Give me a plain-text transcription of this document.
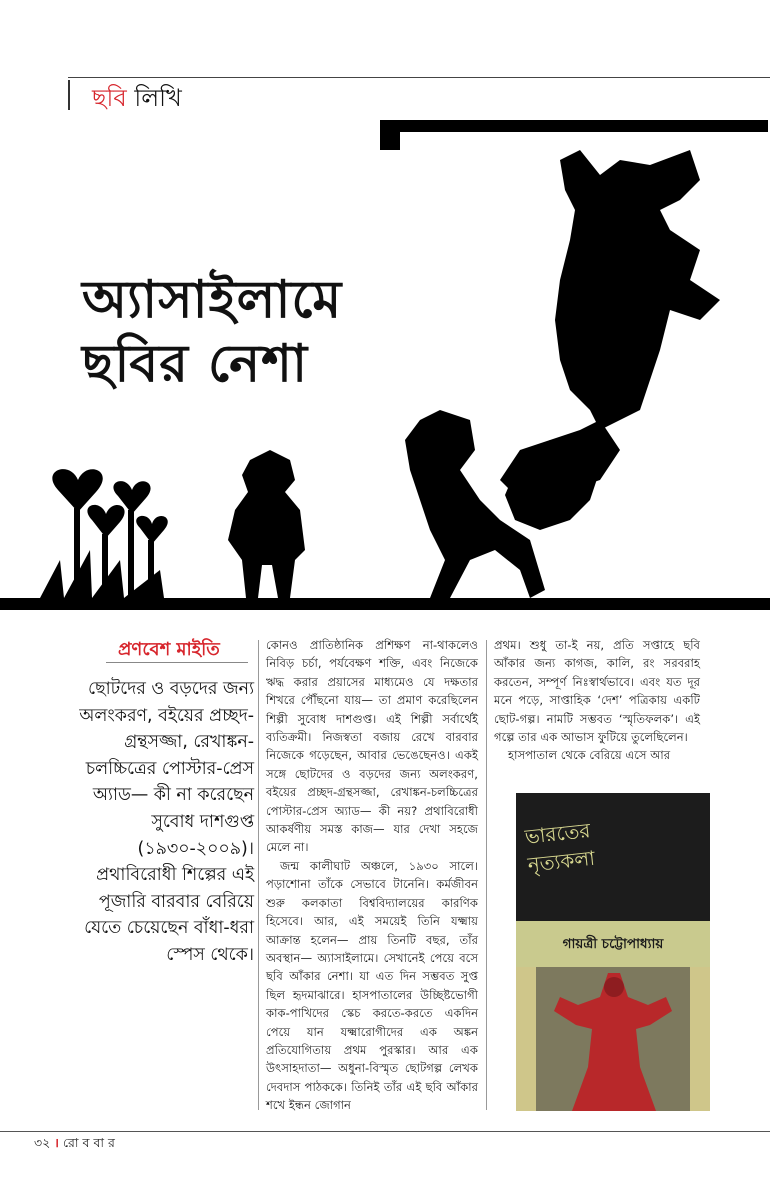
ছবি লিখি
অ্যাসাইলামে
ছবির নেশা
প্রণবেশ মাইতি
ছোটদের ও বড়দের জন্য অলংকরণ, বইয়ের প্রচ্ছদ-গ্রন্থসজ্জা, রেখাঙ্কন-চলচ্চিত্রের পোস্টার-প্রেস অ্যাড— কী না করেছেন সুবোধ দাশগুপ্ত (১৯৩০-২০০৯)। প্রথাবিরোধী শিল্পের এই পূজারি বারবার বেরিয়ে যেতে চেয়েছেন বাঁধা-ধরা স্পেস থেকে।

কোনও প্রাতিষ্ঠানিক প্রশিক্ষণ না-থাকলেও নিবিড় চর্চা, পর্যবেক্ষণ শক্তি, এবং নিজেকে ঋদ্ধ করার প্রয়াসের মাধ্যমেও যে দক্ষতার শিখরে পৌঁছনো যায়— তা প্রমাণ করেছিলেন শিল্পী সুবোধ দাশগুপ্ত। এই শিল্পী সর্বার্থেই ব্যতিক্রমী। নিজস্বতা বজায় রেখে বারবার নিজেকে গড়েছেন, আবার ভেঙেছেনও। একই সঙ্গে ছোটদের ও বড়দের জন্য অলংকরণ, বইয়ের প্রচ্ছদ-গ্রন্থসজ্জা, রেখাঙ্কন-চলচ্চিত্রের পোস্টার-প্রেস অ্যাড— কী নয়? প্রথাবিরোধী আকর্ষণীয় সমস্ত কাজ— যার দেখা সহজে মেলে না।

জন্ম কালীঘাট অঞ্চলে, ১৯৩০ সালে। পড়াশোনা তাঁকে সেভাবে টানেনি। কর্মজীবন শুরু কলকাতা বিশ্ববিদ্যালয়ের কারণিক হিসেবে। আর, এই সময়েই তিনি যক্ষ্মায় আক্রান্ত হলেন— প্রায় তিনটি বছর, তাঁর অবস্থান— অ্যাসাইলামে। সেখানেই পেয়ে বসে ছবি আঁকার নেশা। যা এত দিন সম্ভবত সুপ্ত ছিল হৃদমাঝারে। হাসপাতালের উচ্ছিষ্টভোগী কাক-পাখিদের স্কেচ করতে-করতে একদিন পেয়ে যান যক্ষ্মারোগীদের এক অঙ্কন প্রতিযোগিতায় প্রথম পুরস্কার। আর এক উৎসাহদাতা— অধুনা-বিস্মৃত ছোটগল্প লেখক দেবদাস পাঠককে। তিনিই তাঁর এই ছবি আঁকার শখে ইন্ধন জোগান

প্রথম। শুধু তা-ই নয়, প্রতি সপ্তাহে ছবি আঁকার জন্য কাগজ, কালি, রং সরবরাহ করতেন, সম্পূর্ণ নিঃস্বার্থভাবে। এবং যত দূর মনে পড়ে, সাপ্তাহিক ‘দেশ’ পত্রিকায় একটি ছোট-গল্প। নামটি সম্ভবত ‘স্মৃতিফলক’। এই গল্পে তার এক আভাস ফুটিয়ে তুলেছিলেন।

হাসপাতাল থেকে বেরিয়ে এসে আর

ভারতের নৃত্যকলা
গায়ত্রী চট্টোপাধ্যায়
৩২ । রো ব বা র
